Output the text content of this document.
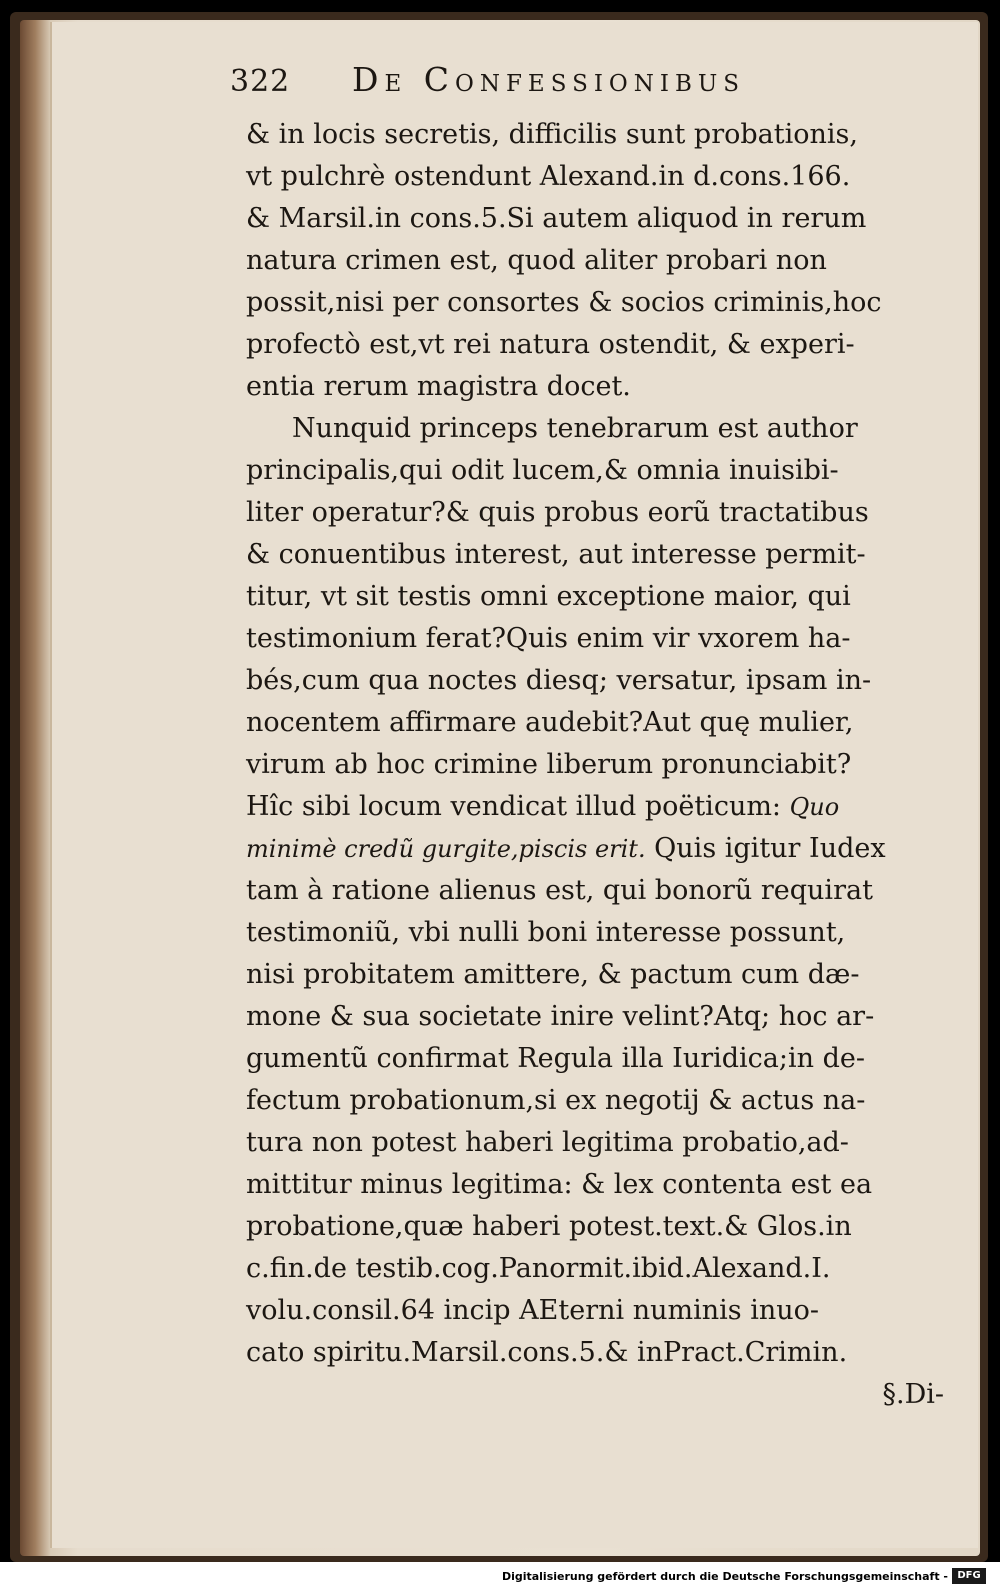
322 De Confessionibus
& in locis secretis, difficilis sunt probationis,
vt pulchrè ostendunt Alexand.in d.cons.166.
& Marsil.in cons.5.Si autem aliquod in rerum
natura crimen est, quod aliter probari non
possit,nisi per consortes & socios criminis,hoc
profectò est,vt rei natura ostendit, & experi-
entia rerum magistra docet.
Nunquid princeps tenebrarum est author
principalis,qui odit lucem,& omnia inuisibi-
liter operatur?& quis probus eorũ tractatibus
& conuentibus interest, aut interesse permit-
titur, vt sit testis omni exceptione maior, qui
testimonium ferat?Quis enim vir vxorem ha-
bés,cum qua noctes diesq; versatur, ipsam in-
nocentem affirmare audebit?Aut quę mulier,
virum ab hoc crimine liberum pronunciabit?
Hîc sibi locum vendicat illud poëticum: Quo
minimè credũ gurgite,piscis erit. Quis igitur Iudex
tam à ratione alienus est, qui bonorũ requirat
testimoniũ, vbi nulli boni interesse possunt,
nisi probitatem amittere, & pactum cum dæ-
mone & sua societate inire velint?Atq; hoc ar-
gumentũ confirmat Regula illa Iuridica;in de-
fectum probationum,si ex negotij & actus na-
tura non potest haberi legitima probatio,ad-
mittitur minus legitima: & lex contenta est ea
probatione,quæ haberi potest.text.& Glos.in
c.fin.de testib.cog.Panormit.ibid.Alexand.I.
volu.consil.64 incip AEterni numinis inuo-
cato spiritu.Marsil.cons.5.& inPract.Crimin.
§.Di-
Digitalisierung gefördert durch die Deutsche Forschungsgemeinschaft - DFG
